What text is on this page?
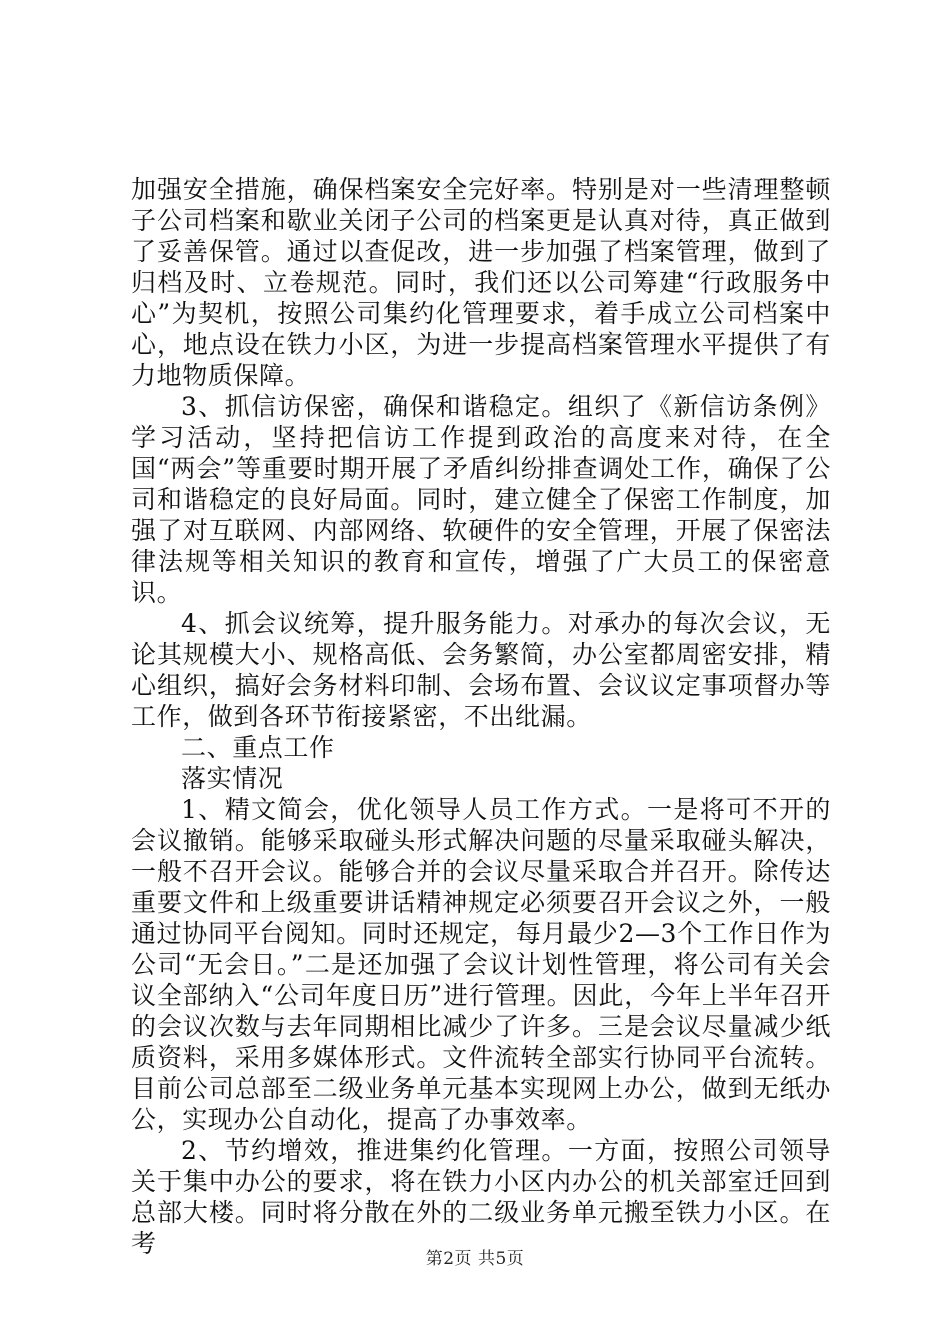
加强安全措施，确保档案安全完好率。特别是对一些清理整顿子公司档案和歇业关闭子公司的档案更是认真对待，真正做到了妥善保管。通过以查促改，进一步加强了档案管理，做到了归档及时、立卷规范。同时，我们还以公司筹建“行政服务中心”为契机，按照公司集约化管理要求，着手成立公司档案中心，地点设在铁力小区，为进一步提高档案管理水平提供了有力地物质保障。

3、抓信访保密，确保和谐稳定。组织了《新信访条例》学习活动，坚持把信访工作提到政治的高度来对待，在全国“两会”等重要时期开展了矛盾纠纷排查调处工作，确保了公司和谐稳定的良好局面。同时，建立健全了保密工作制度，加强了对互联网、内部网络、软硬件的安全管理，开展了保密法律法规等相关知识的教育和宣传，增强了广大员工的保密意识。

4、抓会议统筹，提升服务能力。对承办的每次会议，无论其规模大小、规格高低、会务繁简，办公室都周密安排，精心组织，搞好会务材料印制、会场布置、会议议定事项督办等工作，做到各环节衔接紧密，不出纰漏。

二、重点工作

落实情况

1、精文简会，优化领导人员工作方式。一是将可不开的会议撤销。能够采取碰头形式解决问题的尽量采取碰头解决，一般不召开会议。能够合并的会议尽量采取合并召开。除传达重要文件和上级重要讲话精神规定必须要召开会议之外，一般通过协同平台阅知。同时还规定，每月最少2—3个工作日作为公司“无会日。”二是还加强了会议计划性管理，将公司有关会议全部纳入“公司年度日历”进行管理。因此，今年上半年召开的会议次数与去年同期相比减少了许多。三是会议尽量减少纸质资料，采用多媒体形式。文件流转全部实行协同平台流转。目前公司总部至二级业务单元基本实现网上办公，做到无纸办公，实现办公自动化，提高了办事效率。

2、节约增效，推进集约化管理。一方面，按照公司领导关于集中办公的要求，将在铁力小区内办公的机关部室迁回到总部大楼。同时将分散在外的二级业务单元搬至铁力小区。在考

第2页 共5页
